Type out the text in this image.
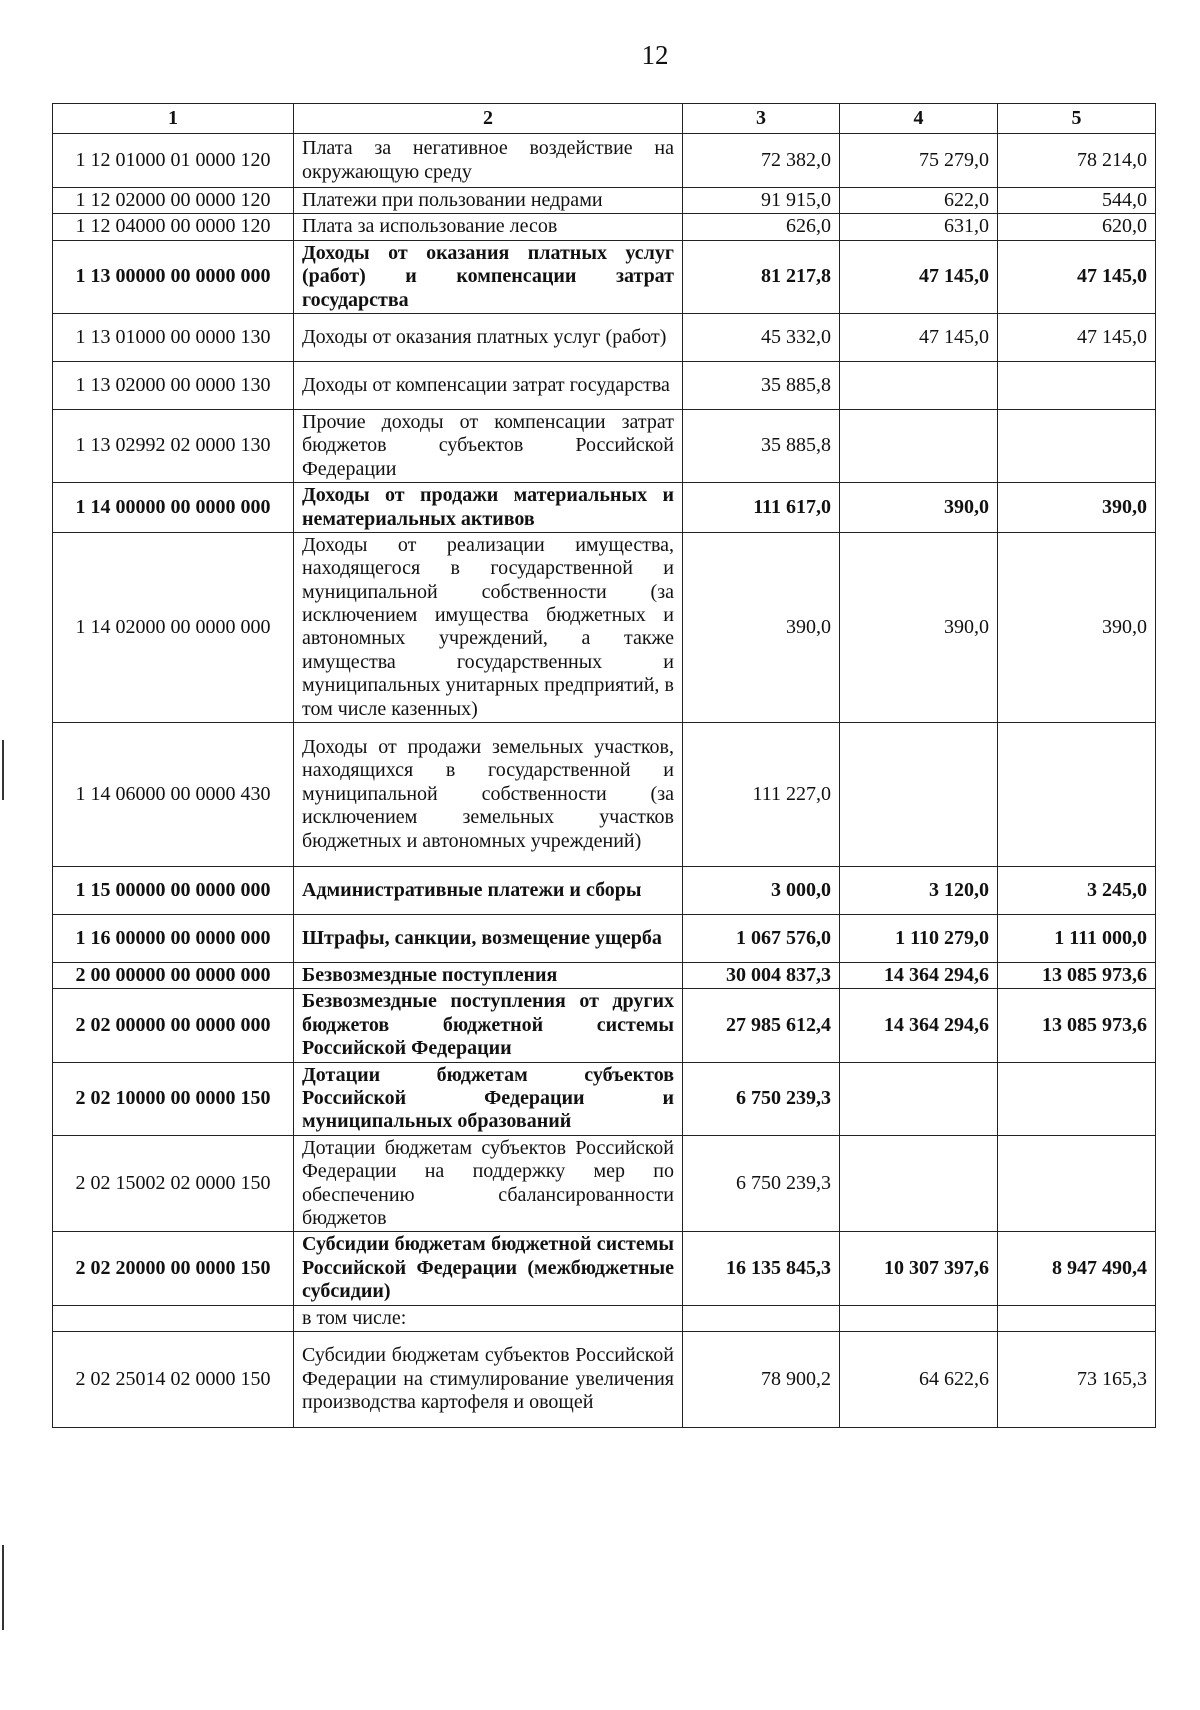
12
1	2	3	4	5
1 12 01000 01 0000 120	Плата за негативное воздействие на окружающую среду	72 382,0	75 279,0	78 214,0
1 12 02000 00 0000 120	Платежи при пользовании недрами	91 915,0	622,0	544,0
1 12 04000 00 0000 120	Плата за использование лесов	626,0	631,0	620,0
1 13 00000 00 0000 000	Доходы от оказания платных услуг (работ) и компенсации затрат государства	81 217,8	47 145,0	47 145,0
1 13 01000 00 0000 130	Доходы от оказания платных услуг (работ)	45 332,0	47 145,0	47 145,0
1 13 02000 00 0000 130	Доходы от компенсации затрат государства	35 885,8		
1 13 02992 02 0000 130	Прочие доходы от компенсации затрат бюджетов субъектов Российской Федерации	35 885,8		
1 14 00000 00 0000 000	Доходы от продажи материальных и нематериальных активов	111 617,0	390,0	390,0
1 14 02000 00 0000 000	Доходы от реализации имущества, находящегося в государственной и муниципальной собственности (за исключением имущества бюджетных и автономных учреждений, а также имущества государственных и муниципальных унитарных предприятий, в том числе казенных)	390,0	390,0	390,0
1 14 06000 00 0000 430	Доходы от продажи земельных участков, находящихся в государственной и муниципальной собственности (за исключением земельных участков бюджетных и автономных учреждений)	111 227,0		
1 15 00000 00 0000 000	Административные платежи и сборы	3 000,0	3 120,0	3 245,0
1 16 00000 00 0000 000	Штрафы, санкции, возмещение ущерба	1 067 576,0	1 110 279,0	1 111 000,0
2 00 00000 00 0000 000	Безвозмездные поступления	30 004 837,3	14 364 294,6	13 085 973,6
2 02 00000 00 0000 000	Безвозмездные поступления от других бюджетов бюджетной системы Российской Федерации	27 985 612,4	14 364 294,6	13 085 973,6
2 02 10000 00 0000 150	Дотации бюджетам субъектов Российской Федерации и муниципальных образований	6 750 239,3		
2 02 15002 02 0000 150	Дотации бюджетам субъектов Российской Федерации на поддержку мер по обеспечению сбалансированности бюджетов	6 750 239,3		
2 02 20000 00 0000 150	Субсидии бюджетам бюджетной системы Российской Федерации (межбюджетные субсидии)	16 135 845,3	10 307 397,6	8 947 490,4
	в том числе:			
2 02 25014 02 0000 150	Субсидии бюджетам субъектов Российской Федерации на стимулирование увеличения производства картофеля и овощей	78 900,2	64 622,6	73 165,3
